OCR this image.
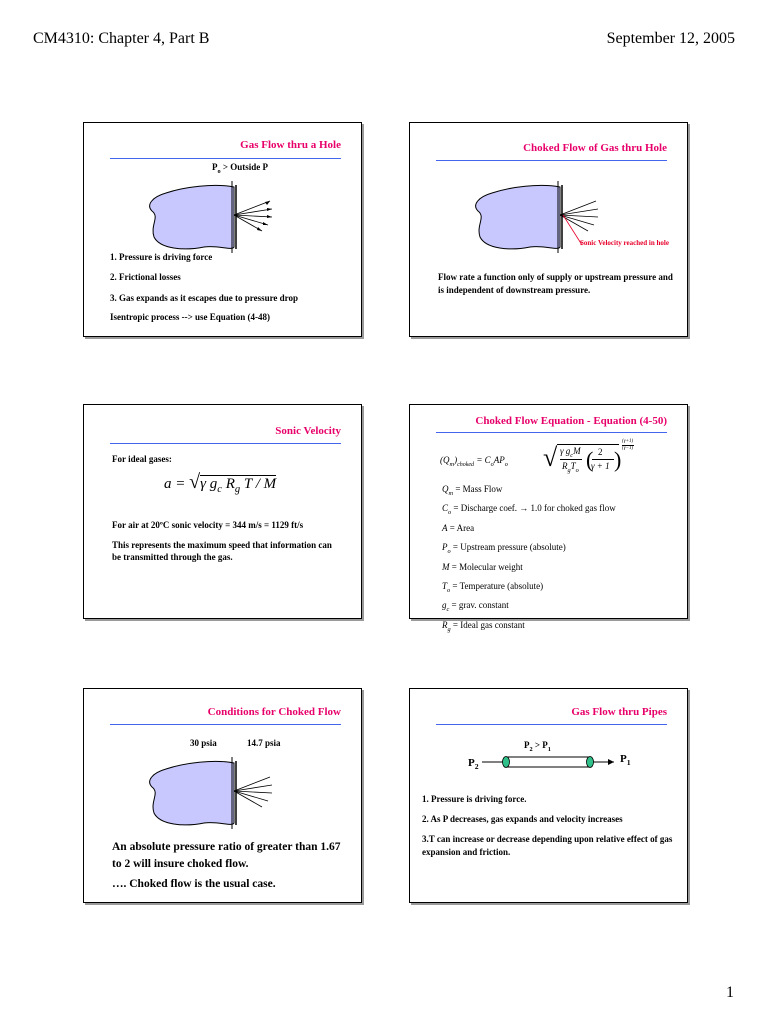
CM4310: Chapter 4, Part B	September 12, 2005
Gas Flow thru a Hole
$P_o$ > Outside P
1. Pressure is driving force
2. Frictional losses
3. Gas expands as it escapes due to pressure drop
Isentropic process --> use Equation (4-48)
Choked Flow of Gas thru Hole
Sonic Velocity reached in hole
Flow rate a function only of supply or upstream pressure and is independent of downstream pressure.
Sonic Velocity
For ideal gases:
a = √γ $g_c$ $R_g$ T / M
For air at 20ºC sonic velocity = 344 m/s = 1129 ft/s
This represents the maximum speed that information can be transmitted through the gas.
Choked Flow Equation - Equation (4-50)
$(Q_m)_{choked} = C_oAP_o$ √ γ $g_cM$
$R_gT_o$ ( 2
γ + 1 )
(γ+1)
(γ−1)
$Q_m$ = Mass Flow
$C_o$ = Discharge coef. → 1.0 for choked gas flow
A = Area
$P_o$ = Upstream pressure (absolute)
M = Molecular weight
$T_o$ = Temperature (absolute)
$g_c$ = grav. constant
$R_g$ = Ideal gas constant
Conditions for Choked Flow
30 psia	14.7 psia
An absolute pressure ratio of greater than 1.67 to 2 will insure choked flow.
…. Choked flow is the usual case.
Gas Flow thru Pipes
$P_2 > P_1$
$P_2$
$P_1$
1. Pressure is driving force.
2. As P decreases, gas expands and velocity increases
3.T can increase or decrease depending upon relative effect of gas expansion and friction.
1
